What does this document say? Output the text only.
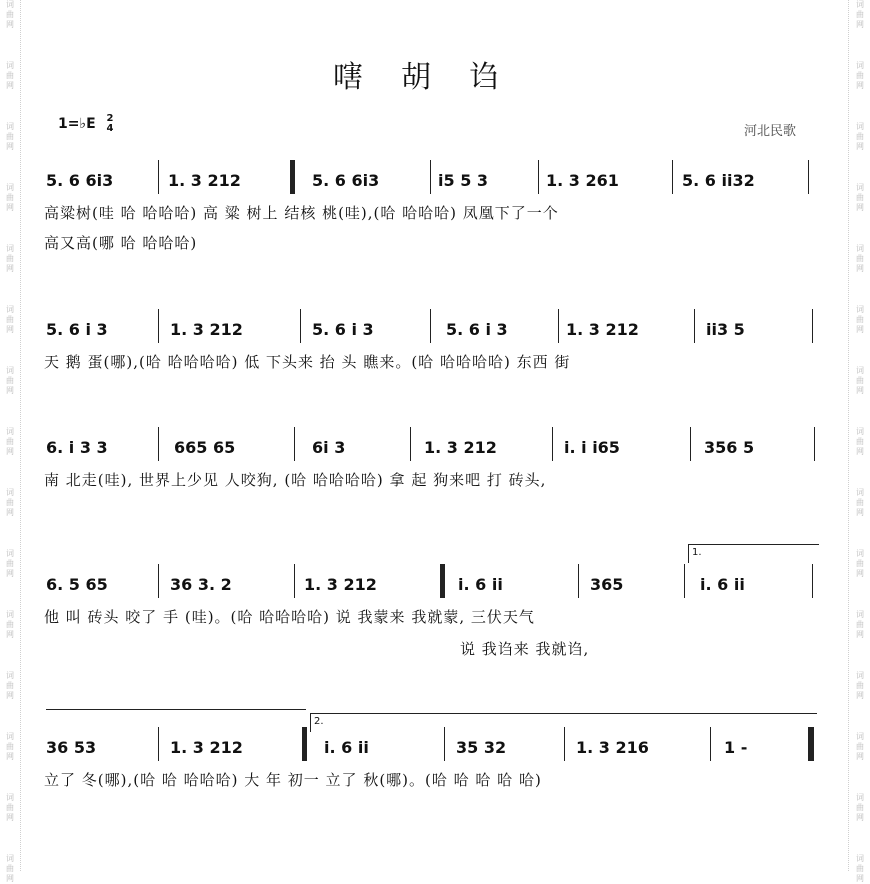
词曲网
词曲网
词曲网
词曲网
词曲网
词曲网
词曲网
词曲网
词曲网
词曲网
词曲网
词曲网
词曲网
词曲网
词曲网
词曲网
词曲网
词曲网
词曲网
词曲网
词曲网
词曲网
词曲网
词曲网
词曲网
词曲网
词曲网
词曲网
词曲网
词曲网
嗐胡诌
1=♭E 2
4	河北民歌
5. 6 6i3	1. 3 212	5. 6 6i3	i5 5 3	1. 3 261	5. 6 ii32
高粱树(哇 哈 哈哈哈) 高 粱 树上 结核 桃(哇),(哈 哈哈哈) 凤凰下了一个
高又高(哪 哈 哈哈哈)
5. 6 i 3	1. 3 212	5. 6 i 3	5. 6 i 3	1. 3 212	ii3 5
天 鹅 蛋(哪),(哈 哈哈哈哈) 低 下头来 抬 头 瞧来。(哈 哈哈哈哈) 东西 街
6. i 3 3	665 65	6i 3	1. 3 212	i. i i65	356 5
南 北走(哇), 世界上少见 人咬狗, (哈 哈哈哈哈) 拿 起 狗来吧 打 砖头,
1.
6. 5 65	36 3. 2	1. 3 212	i. 6 ii	365	i. 6 ii
他 叫 砖头 咬了 手 (哇)。(哈 哈哈哈哈) 说 我蒙来 我就蒙, 三伏天气
说 我诌来 我就诌,
2.
36 53	1. 3 212	i. 6 ii	35 32	1. 3 216	1 -
立了 冬(哪),(哈 哈 哈哈哈) 大 年 初一 立了 秋(哪)。(哈 哈 哈 哈 哈)
